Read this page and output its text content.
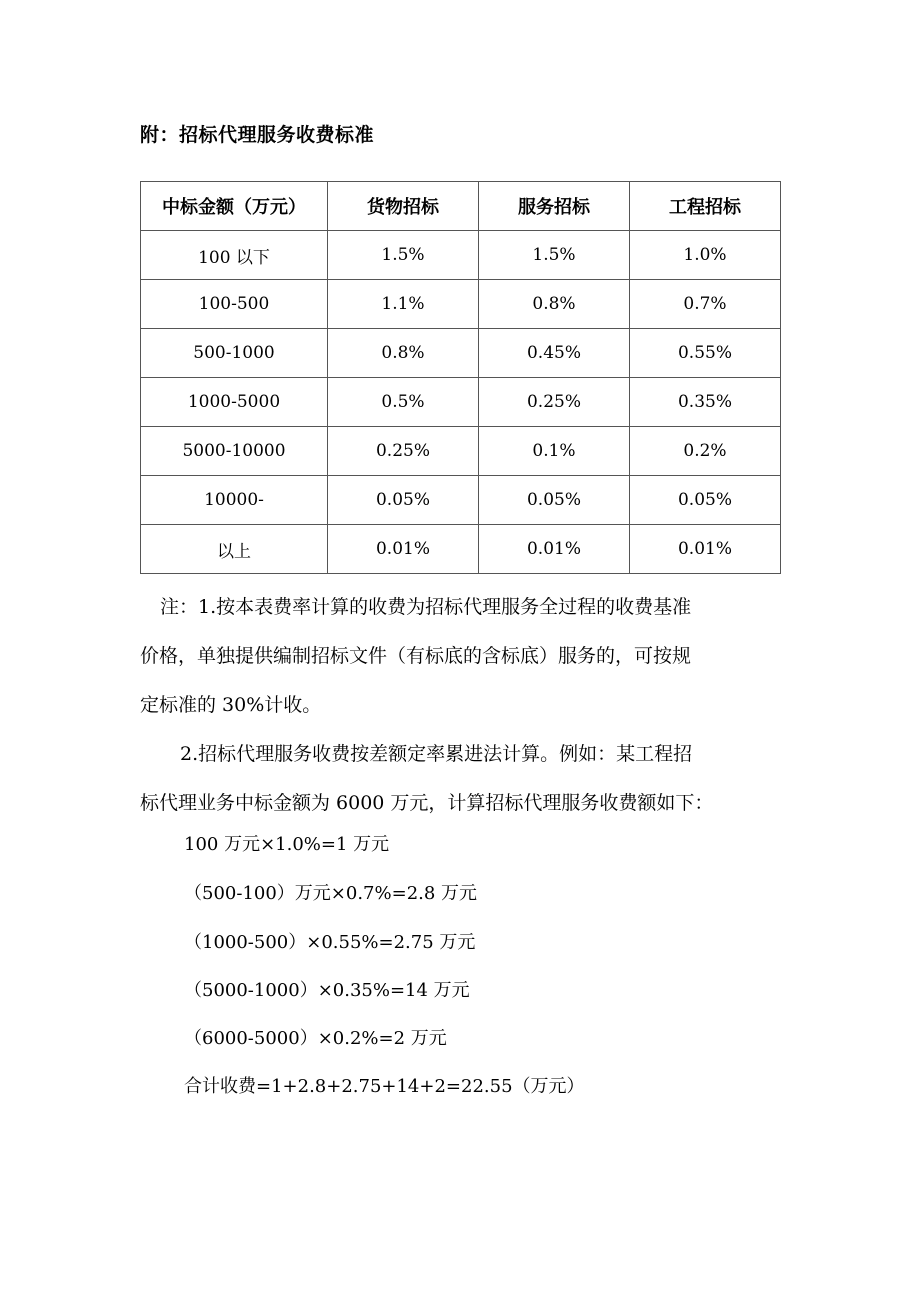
附：招标代理服务收费标准
中标金额（万元）	货物招标	服务招标	工程招标
100 以下	1.5%	1.5%	1.0%
100-500	1.1%	0.8%	0.7%
500-1000	0.8%	0.45%	0.55%
1000-5000	0.5%	0.25%	0.35%
5000-10000	0.25%	0.1%	0.2%
10000-	0.05%	0.05%	0.05%
以上	0.01%	0.01%	0.01%

注：1.按本表费率计算的收费为招标代理服务全过程的收费基准

价格，单独提供编制招标文件（有标底的含标底）服务的，可按规

定标准的 30%计收。

2.招标代理服务收费按差额定率累进法计算。例如：某工程招

标代理业务中标金额为 6000 万元，计算招标代理服务收费额如下：

100 万元×1.0%=1 万元
（500-100）万元×0.7%=2.8 万元
（1000-500）×0.55%=2.75 万元
（5000-1000）×0.35%=14 万元
（6000-5000）×0.2%=2 万元
合计收费=1+2.8+2.75+14+2=22.55（万元）
